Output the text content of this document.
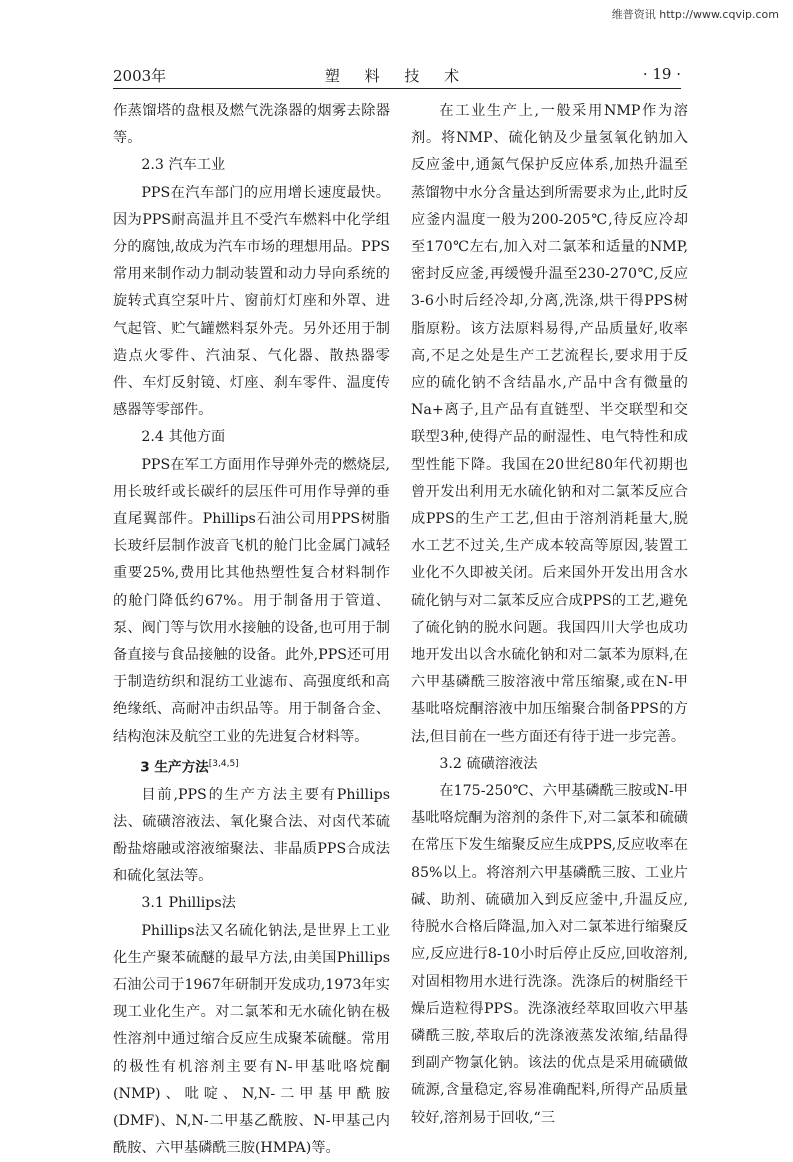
维普资讯 http://www.cqvip.com
2003年	塑 料 技 术	· 19 ·

作蒸馏塔的盘根及燃气洗涤器的烟雾去除器等。

2.3 汽车工业

PPS在汽车部门的应用增长速度最快。因为PPS耐高温并且不受汽车燃料中化学组分的腐蚀,故成为汽车市场的理想用品。PPS常用来制作动力制动装置和动力导向系统的旋转式真空泵叶片、窗前灯灯座和外罩、进气起管、贮气罐燃料泵外壳。另外还用于制造点火零件、汽油泵、气化器、散热器零件、车灯反射镜、灯座、刹车零件、温度传感器等零部件。

2.4 其他方面

PPS在军工方面用作导弹外壳的燃烧层,用长玻纤或长碳纤的层压件可用作导弹的垂直尾翼部件。Phillips石油公司用PPS树脂长玻纤层制作波音飞机的舱门比金属门减轻重要25%,费用比其他热塑性复合材料制作的舱门降低约67%。用于制备用于管道、泵、阀门等与饮用水接触的设备,也可用于制备直接与食品接触的设备。此外,PPS还可用于制造纺织和混纺工业滤布、高强度纸和高绝缘纸、高耐冲击织品等。用于制备合金、结构泡沫及航空工业的先进复合材料等。

3 生产方法[3,4,5]

目前,PPS的生产方法主要有Phillips法、硫磺溶液法、氧化聚合法、对卤代苯硫酚盐熔融或溶液缩聚法、非晶质PPS合成法和硫化氢法等。

3.1 Phillips法

Phillips法又名硫化钠法,是世界上工业化生产聚苯硫醚的最早方法,由美国Phillips石油公司于1967年研制开发成功,1973年实现工业化生产。对二氯苯和无水硫化钠在极性溶剂中通过缩合反应生成聚苯硫醚。常用的极性有机溶剂主要有N-甲基吡咯烷酮(NMP)、吡啶、N,N-二甲基甲酰胺(DMF)、N,N-二甲基乙酰胺、N-甲基己内酰胺、六甲基磷酰三胺(HMPA)等。

在工业生产上,一般采用NMP作为溶剂。将NMP、硫化钠及少量氢氧化钠加入反应釜中,通氮气保护反应体系,加热升温至蒸馏物中水分含量达到所需要求为止,此时反应釜内温度一般为200-205℃,待反应冷却至170℃左右,加入对二氯苯和适量的NMP,密封反应釜,再缓慢升温至230-270℃,反应3-6小时后经冷却,分离,洗涤,烘干得PPS树脂原粉。该方法原料易得,产品质量好,收率高,不足之处是生产工艺流程长,要求用于反应的硫化钠不含结晶水,产品中含有微量的Na+离子,且产品有直链型、半交联型和交联型3种,使得产品的耐湿性、电气特性和成型性能下降。我国在20世纪80年代初期也曾开发出利用无水硫化钠和对二氯苯反应合成PPS的生产工艺,但由于溶剂消耗量大,脱水工艺不过关,生产成本较高等原因,装置工业化不久即被关闭。后来国外开发出用含水硫化钠与对二氯苯反应合成PPS的工艺,避免了硫化钠的脱水问题。我国四川大学也成功地开发出以含水硫化钠和对二氯苯为原料,在六甲基磷酰三胺溶液中常压缩聚,或在N-甲基吡咯烷酮溶液中加压缩聚合制备PPS的方法,但目前在一些方面还有待于进一步完善。

3.2 硫磺溶液法

在175-250℃、六甲基磷酰三胺或N-甲基吡咯烷酮为溶剂的条件下,对二氯苯和硫磺在常压下发生缩聚反应生成PPS,反应收率在85%以上。将溶剂六甲基磷酰三胺、工业片碱、助剂、硫磺加入到反应釜中,升温反应,待脱水合格后降温,加入对二氯苯进行缩聚反应,反应进行8-10小时后停止反应,回收溶剂,对固相物用水进行洗涤。洗涤后的树脂经干燥后造粒得PPS。洗涤液经萃取回收六甲基磷酰三胺,萃取后的洗涤液蒸发浓缩,结晶得到副产物氯化钠。该法的优点是采用硫磺做硫源,含量稳定,容易准确配料,所得产品质量较好,溶剂易于回收,“三
